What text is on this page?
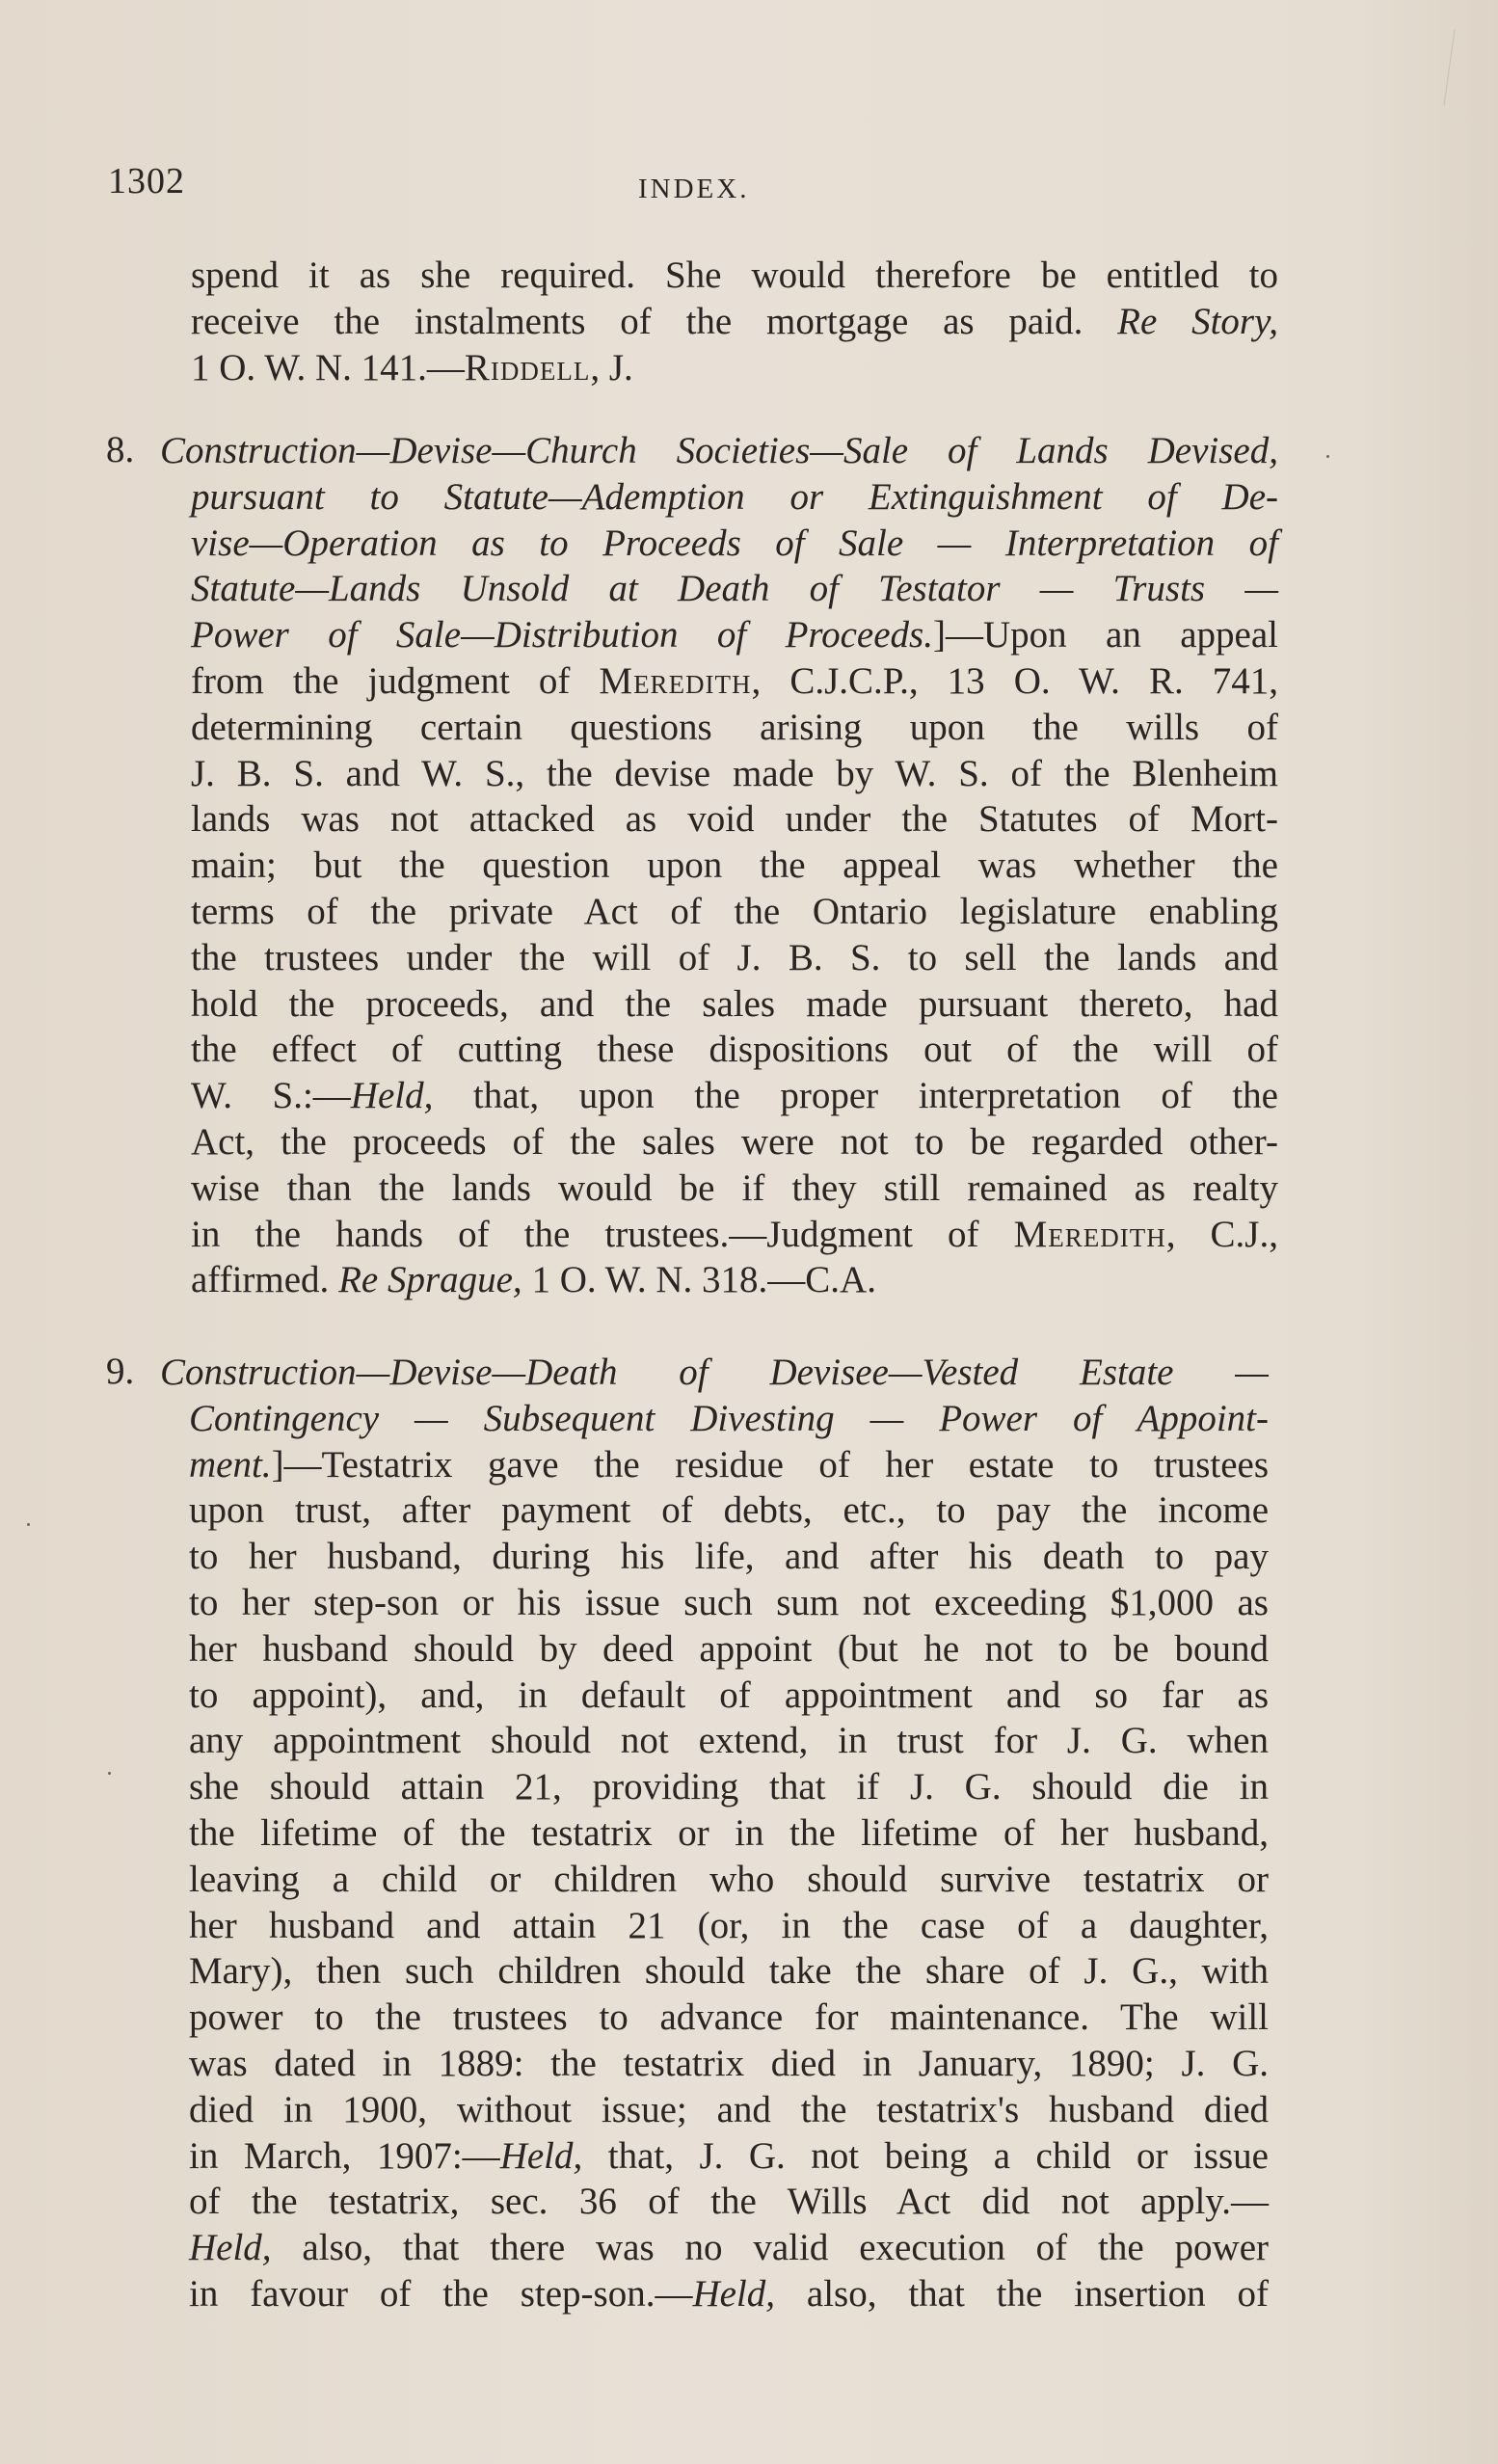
1302	INDEX.
spend it as she required. She would therefore be entitled to
receive the instalments of the mortgage as paid. Re Story,
1 O. W. N. 141.—Riddell, J.
8. Construction—Devise—Church Societies—Sale of Lands Devised,
pursuant to Statute—Ademption or Extinguishment of De-
vise—Operation as to Proceeds of Sale — Interpretation of
Statute—Lands Unsold at Death of Testator — Trusts —
Power of Sale—Distribution of Proceeds.]—Upon an appeal
from the judgment of Meredith, C.J.C.P., 13 O. W. R. 741,
determining certain questions arising upon the wills of
J. B. S. and W. S., the devise made by W. S. of the Blenheim
lands was not attacked as void under the Statutes of Mort-
main; but the question upon the appeal was whether the
terms of the private Act of the Ontario legislature enabling
the trustees under the will of J. B. S. to sell the lands and
hold the proceeds, and the sales made pursuant thereto, had
the effect of cutting these dispositions out of the will of
W. S.:—Held, that, upon the proper interpretation of the
Act, the proceeds of the sales were not to be regarded other-
wise than the lands would be if they still remained as realty
in the hands of the trustees.—Judgment of Meredith, C.J.,
affirmed. Re Sprague, 1 O. W. N. 318.—C.A.
9. Construction—Devise—Death of Devisee—Vested Estate —
Contingency — Subsequent Divesting — Power of Appoint-
ment.]—Testatrix gave the residue of her estate to trustees
upon trust, after payment of debts, etc., to pay the income
to her husband, during his life, and after his death to pay
to her step-son or his issue such sum not exceeding $1,000 as
her husband should by deed appoint (but he not to be bound
to appoint), and, in default of appointment and so far as
any appointment should not extend, in trust for J. G. when
she should attain 21, providing that if J. G. should die in
the lifetime of the testatrix or in the lifetime of her husband,
leaving a child or children who should survive testatrix or
her husband and attain 21 (or, in the case of a daughter,
Mary), then such children should take the share of J. G., with
power to the trustees to advance for maintenance. The will
was dated in 1889: the testatrix died in January, 1890; J. G.
died in 1900, without issue; and the testatrix's husband died
in March, 1907:—Held, that, J. G. not being a child or issue
of the testatrix, sec. 36 of the Wills Act did not apply.—
Held, also, that there was no valid execution of the power
in favour of the step-son.—Held, also, that the insertion of
